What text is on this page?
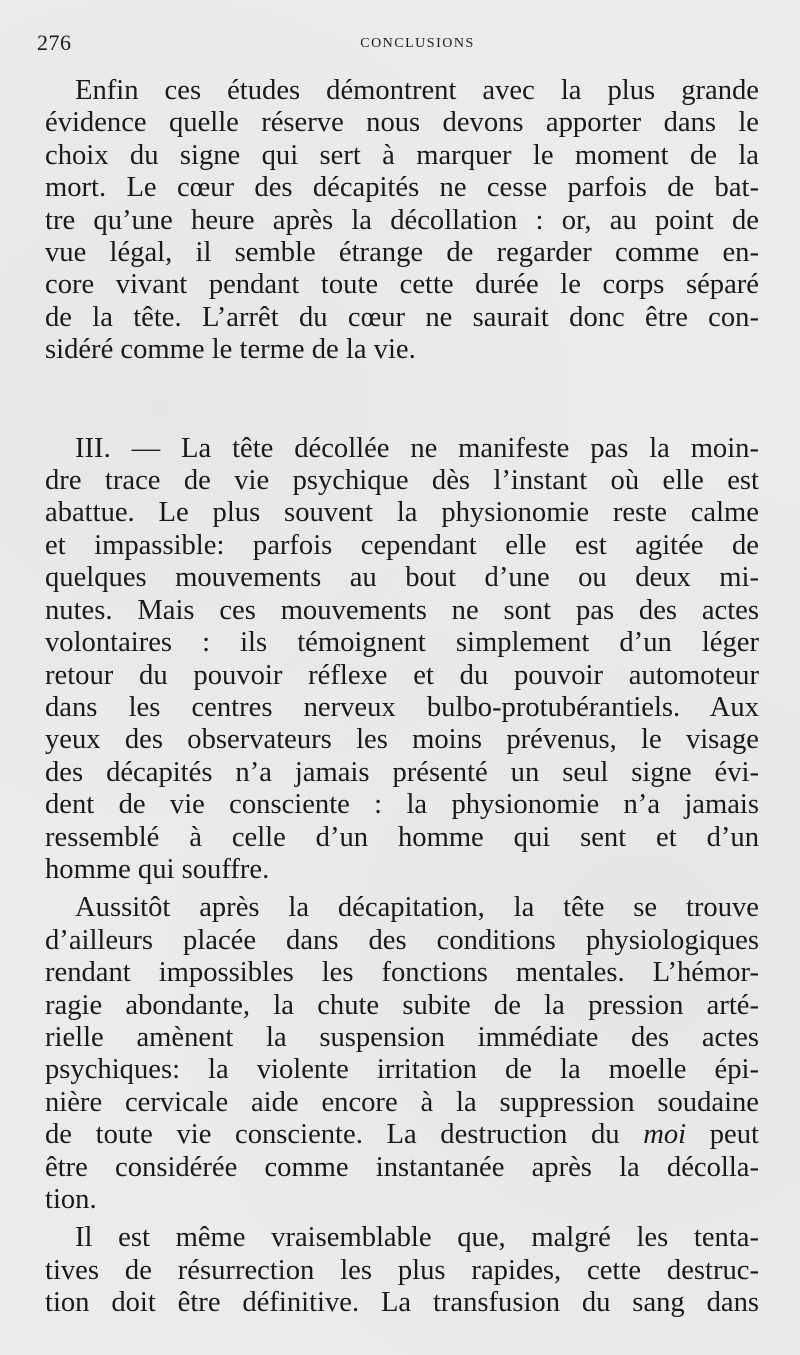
276	CONCLUSIONS

Enfin ces études démontrent avec la plus grande
évidence quelle réserve nous devons apporter dans le
choix du signe qui sert à marquer le moment de la
mort. Le cœur des décapités ne cesse parfois de bat-
tre qu’une heure après la décollation : or, au point de
vue légal, il semble étrange de regarder comme en-
core vivant pendant toute cette durée le corps séparé
de la tête. L’arrêt du cœur ne saurait donc être con-
sidéré comme le terme de la vie.

III. — La tête décollée ne manifeste pas la moin-
dre trace de vie psychique dès l’instant où elle est
abattue. Le plus souvent la physionomie reste calme
et impassible: parfois cependant elle est agitée de
quelques mouvements au bout d’une ou deux mi-
nutes. Mais ces mouvements ne sont pas des actes
volontaires : ils témoignent simplement d’un léger
retour du pouvoir réflexe et du pouvoir automoteur
dans les centres nerveux bulbo-protubérantiels. Aux
yeux des observateurs les moins prévenus, le visage
des décapités n’a jamais présenté un seul signe évi-
dent de vie consciente : la physionomie n’a jamais
ressemblé à celle d’un homme qui sent et d’un
homme qui souffre.

Aussitôt après la décapitation, la tête se trouve
d’ailleurs placée dans des conditions physiologiques
rendant impossibles les fonctions mentales. L’hémor-
ragie abondante, la chute subite de la pression arté-
rielle amènent la suspension immédiate des actes
psychiques: la violente irritation de la moelle épi-
nière cervicale aide encore à la suppression soudaine
de toute vie consciente. La destruction du moi peut
être considérée comme instantanée après la décolla-
tion.

Il est même vraisemblable que, malgré les tenta-
tives de résurrection les plus rapides, cette destruc-
tion doit être définitive. La transfusion du sang dans
